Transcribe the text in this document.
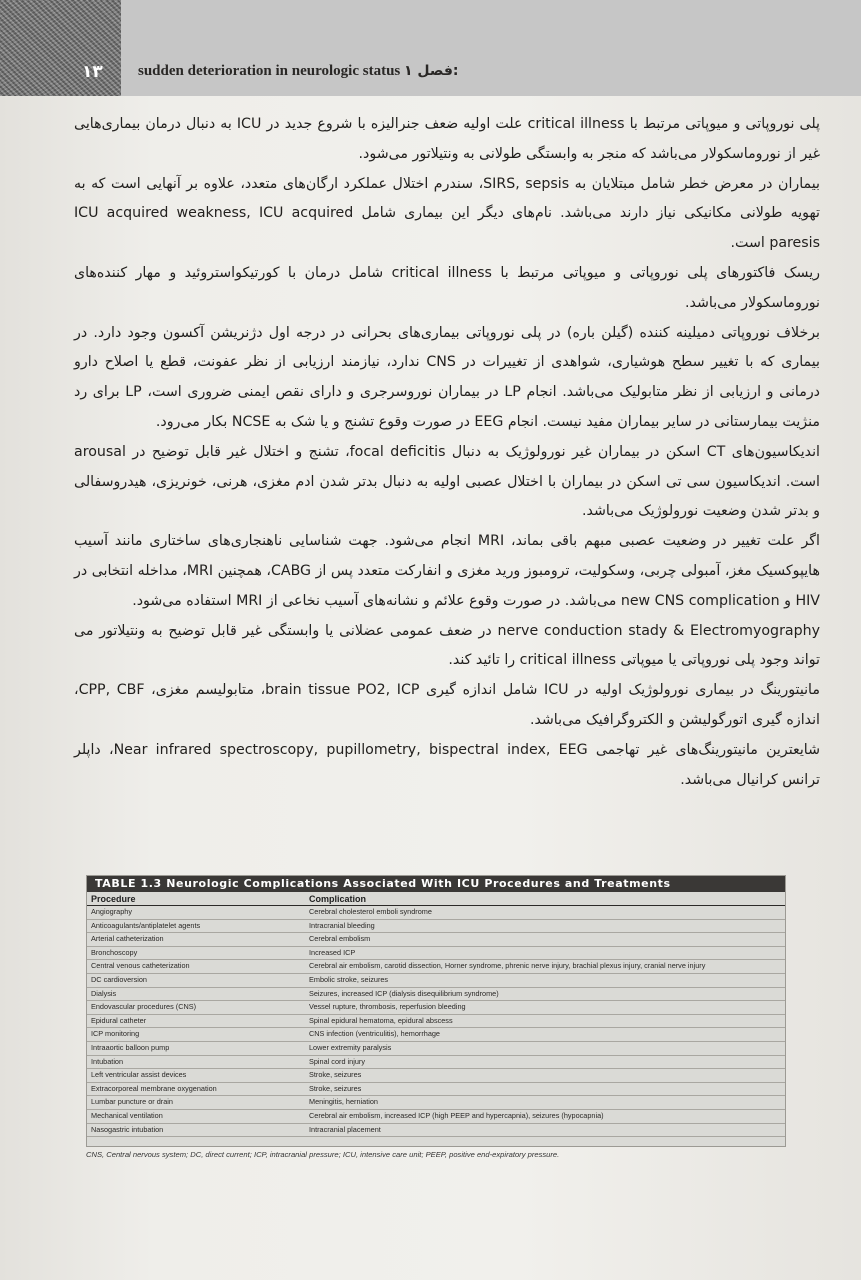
۱۳	sudden deterioration in neurologic status فصل ۱:

پلی نوروپاتی و میوپاتی مرتبط با critical illness علت اولیه ضعف جنرالیزه با شروع جدید در ICU به دنبال درمان بیماری‌هایی غیر از نوروماسکولار می‌باشد که منجر به وابستگی طولانی به ونتیلاتور می‌شود.

بیماران در معرض خطر شامل مبتلایان به SIRS, sepsis، سندرم اختلال عملکرد ارگان‌های متعدد، علاوه بر آنهایی است که به تهویه طولانی مکانیکی نیاز دارند می‌باشد. نام‌های دیگر این بیماری شامل ICU acquired weakness, ICU acquired paresis است.

ریسک فاکتورهای پلی نوروپاتی و میوپاتی مرتبط با critical illness شامل درمان با کورتیکواستروئید و مهار کننده‌های نوروماسکولار می‌باشد.

برخلاف نوروپاتی دمیلینه کننده (گیلن باره) در پلی نوروپاتی بیماری‌های بحرانی در درجه اول دژنریشن آکسون وجود دارد. در بیماری که با تغییر سطح هوشیاری، شواهدی از تغییرات در CNS ندارد، نیازمند ارزیابی از نظر عفونت، قطع یا اصلاح دارو درمانی و ارزیابی از نظر متابولیک می‌باشد. انجام LP در بیماران نوروسرجری و دارای نقص ایمنی ضروری است، LP برای رد منژیت بیمارستانی در سایر بیماران مفید نیست. انجام EEG در صورت وقوع تشنج و یا شک به NCSE بکار می‌رود.

اندیکاسیون‌های CT اسکن در بیماران غیر نورولوژیک به دنبال focal deficitis، تشنج و اختلال غیر قابل توضیح در arousal است. اندیکاسیون سی تی اسکن در بیماران با اختلال عصبی اولیه به دنبال بدتر شدن ادم مغزی، هرنی، خونریزی، هیدروسفالی و بدتر شدن وضعیت نورولوژیک می‌باشد.

اگر علت تغییر در وضعیت عصبی مبهم باقی بماند، MRI انجام می‌شود. جهت شناسایی ناهنجاری‌های ساختاری مانند آسیب هایپوکسیک مغز، آمبولی چربی، وسکولیت، ترومبوز ورید مغزی و انفارکت متعدد پس از CABG، همچنین MRI، مداخله انتخابی در HIV و new CNS complication می‌باشد. در صورت وقوع علائم و نشانه‌های آسیب نخاعی از MRI استفاده می‌شود.

nerve conduction stady & Electromyography در ضعف عمومی عضلانی یا وابستگی غیر قابل توضیح به ونتیلاتور می تواند وجود پلی نوروپاتی یا میوپاتی critical illness را تائید کند.

مانیتورینگ در بیماری نورولوژیک اولیه در ICU شامل اندازه گیری brain tissue PO2, ICP، متابولیسم مغزی، CPP, CBF، اندازه گیری اتورگولیشن و الکتروگرافیک می‌باشد.

شایعترین مانیتورینگ‌های غیر تهاجمی Near infrared spectroscopy, pupillometry, bispectral index, EEG، داپلر ترانس کرانیال می‌باشد.

TABLE 1.3 Neurologic Complications Associated With ICU Procedures and Treatments
Procedure	Complication
Angiography	Cerebral cholesterol emboli syndrome
Anticoagulants/antiplatelet agents	Intracranial bleeding
Arterial catheterization	Cerebral embolism
Bronchoscopy	Increased ICP
Central venous catheterization	Cerebral air embolism, carotid dissection, Horner syndrome, phrenic nerve injury, brachial plexus injury, cranial nerve injury
DC cardioversion	Embolic stroke, seizures
Dialysis	Seizures, increased ICP (dialysis disequilibrium syndrome)
Endovascular procedures (CNS)	Vessel rupture, thrombosis, reperfusion bleeding
Epidural catheter	Spinal epidural hematoma, epidural abscess
ICP monitoring	CNS infection (ventriculitis), hemorrhage
Intraaortic balloon pump	Lower extremity paralysis
Intubation	Spinal cord injury
Left ventricular assist devices	Stroke, seizures
Extracorporeal membrane oxygenation	Stroke, seizures
Lumbar puncture or drain	Meningitis, herniation
Mechanical ventilation	Cerebral air embolism, increased ICP (high PEEP and hypercapnia), seizures (hypocapnia)
Nasogastric intubation	Intracranial placement
CNS, Central nervous system; DC, direct current; ICP, intracranial pressure; ICU, intensive care unit; PEEP, positive end-expiratory pressure.
